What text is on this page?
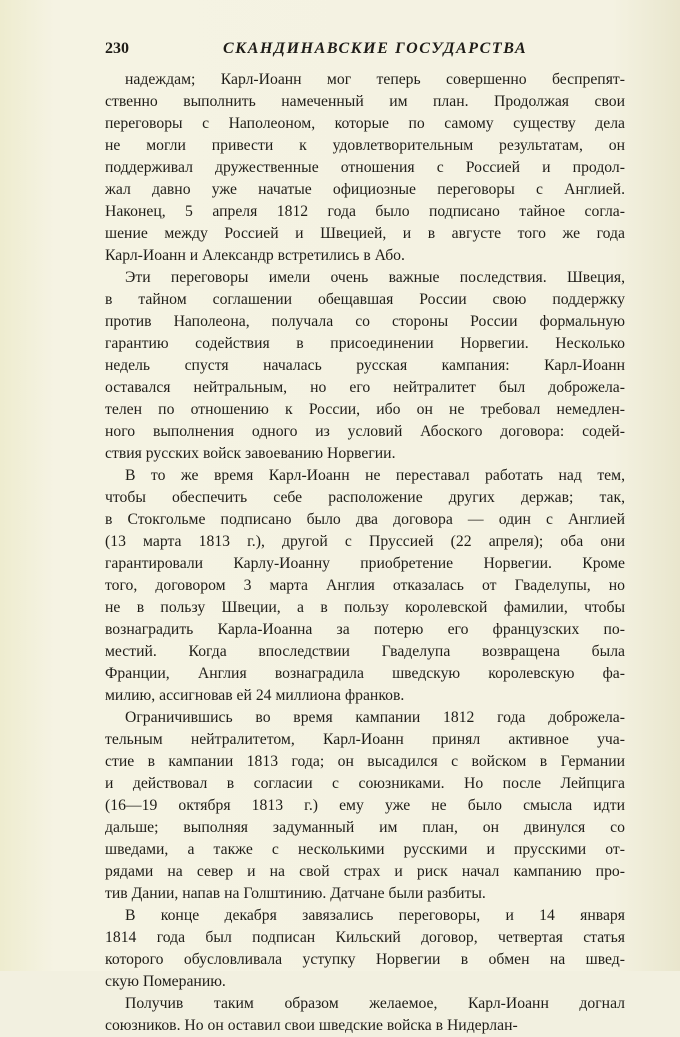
230	СКАНДИНАВСКИЕ ГОСУДАРСТВА

надеждам; Карл-Иоанн мог теперь совершенно беспрепят-
ственно выполнить намеченный им план. Продолжая свои
переговоры с Наполеоном, которые по самому существу дела
не могли привести к удовлетворительным результатам, он
поддерживал дружественные отношения с Россией и продол-
жал давно уже начатые официозные переговоры с Англией.
Наконец, 5 апреля 1812 года было подписано тайное согла-
шение между Россией и Швецией, и в августе того же года
Карл-Иоанн и Александр встретились в Або.

Эти переговоры имели очень важные последствия. Швеция,
в тайном соглашении обещавшая России свою поддержку
против Наполеона, получала со стороны России формальную
гарантию содействия в присоединении Норвегии. Несколько
недель спустя началась русская кампания: Карл-Иоанн
оставался нейтральным, но его нейтралитет был доброжела-
телен по отношению к России, ибо он не требовал немедлен-
ного выполнения одного из условий Абоского договора: содей-
ствия русских войск завоеванию Норвегии.

В то же время Карл-Иоанн не переставал работать над тем,
чтобы обеспечить себе расположение других держав; так,
в Стокгольме подписано было два договора — один с Англией
(13 марта 1813 г.), другой с Пруссией (22 апреля); оба они
гарантировали Карлу-Иоанну приобретение Норвегии. Кроме
того, договором 3 марта Англия отказалась от Гваделупы, но
не в пользу Швеции, а в пользу королевской фамилии, чтобы
вознаградить Карла-Иоанна за потерю его французских по-
местий. Когда впоследствии Гваделупа возвращена была
Франции, Англия вознаградила шведскую королевскую фа-
милию, ассигновав ей 24 миллиона франков.

Ограничившись во время кампании 1812 года доброжела-
тельным нейтралитетом, Карл-Иоанн принял активное уча-
стие в кампании 1813 года; он высадился с войском в Германии
и действовал в согласии с союзниками. Но после Лейпцига
(16—19 октября 1813 г.) ему уже не было смысла идти
дальше; выполняя задуманный им план, он двинулся со
шведами, а также с несколькими русскими и прусскими от-
рядами на север и на свой страх и риск начал кампанию про-
тив Дании, напав на Голштинию. Датчане были разбиты.

В конце декабря завязались переговоры, и 14 января
1814 года был подписан Кильский договор, четвертая статья
которого обусловливала уступку Норвегии в обмен на швед-
скую Померанию.

Получив таким образом желаемое, Карл-Иоанн догнал
союзников. Но он оставил свои шведские войска в Нидерлан-
